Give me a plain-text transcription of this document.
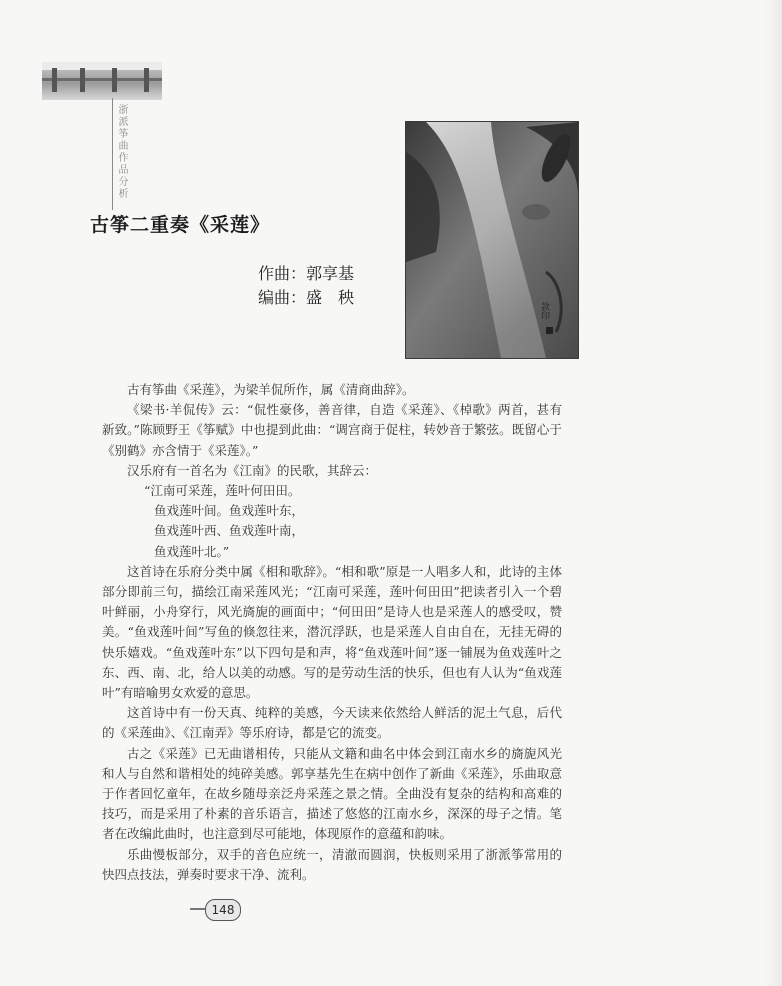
浙派筝曲作品分析
款印
古筝二重奏《采莲》
作曲：郭享基
编曲：盛　秧

古有筝曲《采莲》，为梁羊侃所作，属《清商曲辞》。

《梁书·羊侃传》云：“侃性豪侈，善音律，自造《采莲》、《棹歌》两首，甚有新致。”陈顾野王《筝赋》中也提到此曲：“调宫商于促柱，转妙音于繁弦。既留心于《别鹤》亦含情于《采莲》。”

汉乐府有一首名为《江南》的民歌，其辞云：

“江南可采莲，莲叶何田田。
鱼戏莲叶间。鱼戏莲叶东，
鱼戏莲叶西、鱼戏莲叶南，
鱼戏莲叶北。”

这首诗在乐府分类中属《相和歌辞》。“相和歌”原是一人唱多人和，此诗的主体部分即前三句，描绘江南采莲风光；“江南可采莲，莲叶何田田”把读者引入一个碧叶鲜丽，小舟穿行，风光旖旎的画面中；“何田田”是诗人也是采莲人的感受叹，赞美。“鱼戏莲叶间”写鱼的倏忽往来，潜沉浮跃，也是采莲人自由自在，无挂无碍的快乐嬉戏。“鱼戏莲叶东”以下四句是和声，将“鱼戏莲叶间”逐一铺展为鱼戏莲叶之东、西、南、北，给人以美的动感。写的是劳动生活的快乐，但也有人认为“鱼戏莲叶”有暗喻男女欢爱的意思。

这首诗中有一份天真、纯粹的美感，今天读来依然给人鲜活的泥土气息，后代的《采莲曲》、《江南弄》等乐府诗，都是它的流变。

古之《采莲》已无曲谱相传，只能从文籍和曲名中体会到江南水乡的旖旎风光和人与自然和谐相处的纯碎美感。郭享基先生在病中创作了新曲《采莲》，乐曲取意于作者回忆童年，在故乡随母亲泛舟采莲之景之情。全曲没有复杂的结构和高难的技巧，而是采用了朴素的音乐语言，描述了悠悠的江南水乡，深深的母子之情。笔者在改编此曲时，也注意到尽可能地，体现原作的意蕴和韵味。

乐曲慢板部分，双手的音色应统一，清澈而圆润，快板则采用了浙派筝常用的快四点技法，弹奏时要求干净、流利。

148
